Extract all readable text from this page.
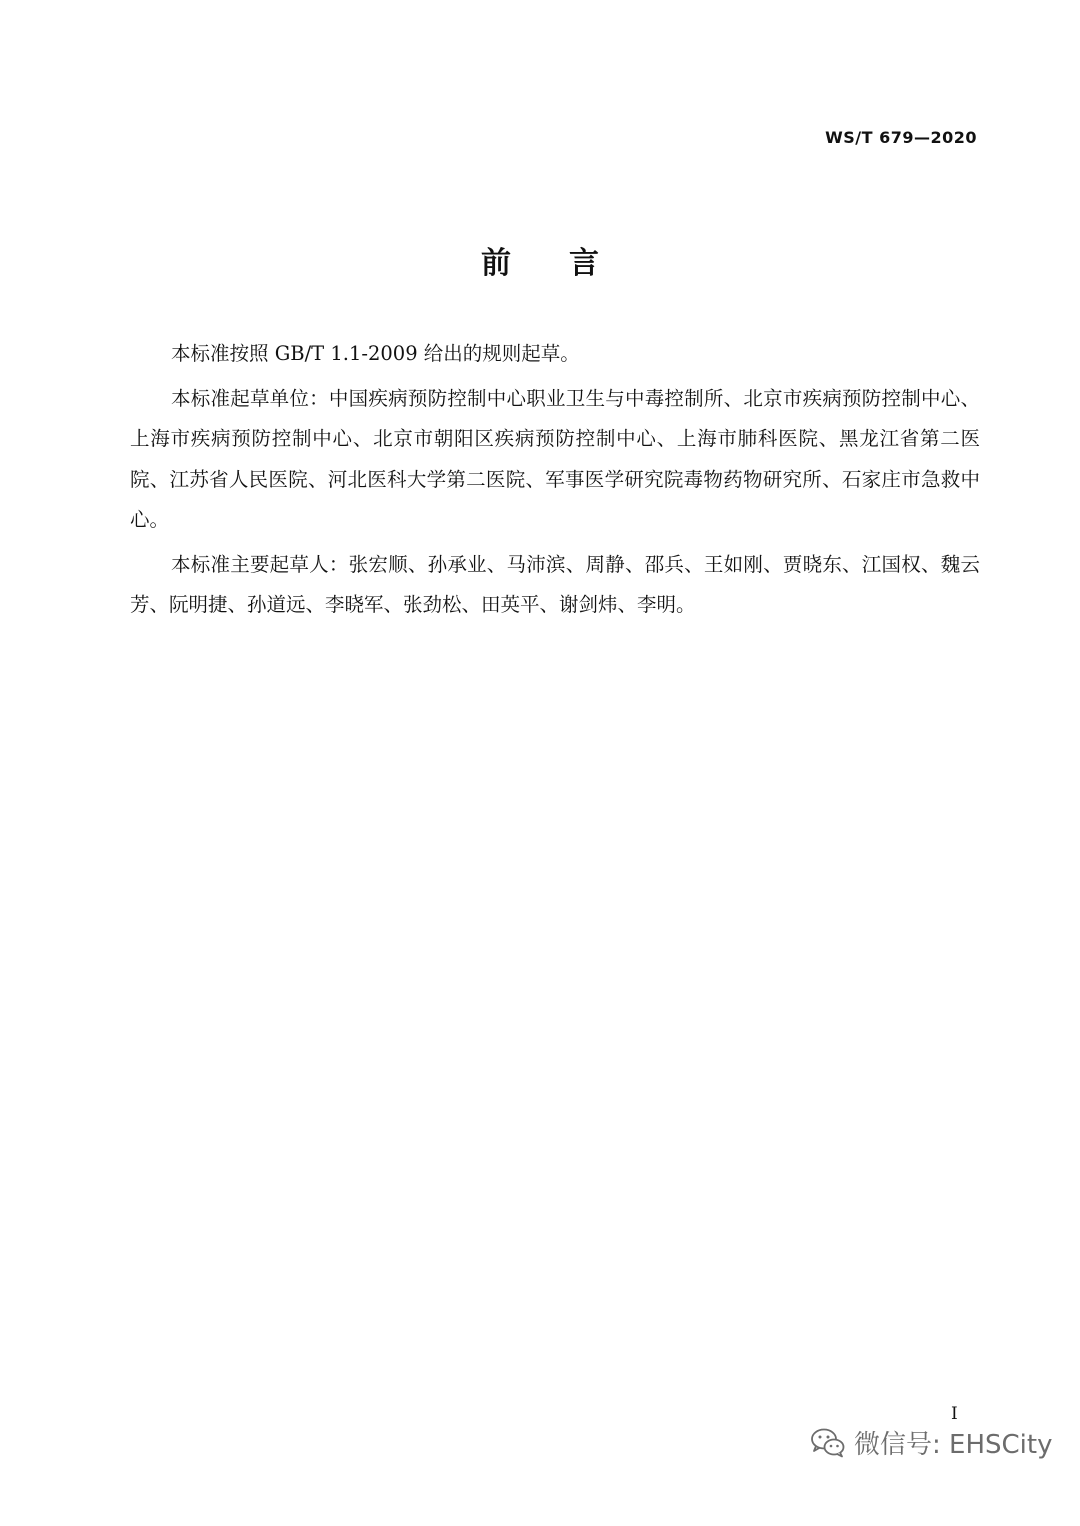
WS/T 679—2020
前 言

本标准按照 GB/T 1.1-2009 给出的规则起草。

本标准起草单位：中国疾病预防控制中心职业卫生与中毒控制所、北京市疾病预防控制中心、上海市疾病预防控制中心、北京市朝阳区疾病预防控制中心、上海市肺科医院、黑龙江省第二医院、江苏省人民医院、河北医科大学第二医院、军事医学研究院毒物药物研究所、石家庄市急救中心。

本标准主要起草人：张宏顺、孙承业、马沛滨、周静、邵兵、王如刚、贾晓东、江国权、魏云芳、阮明捷、孙道远、李晓军、张劲松、田英平、谢剑炜、李明。

I
微信号: EHSCity
